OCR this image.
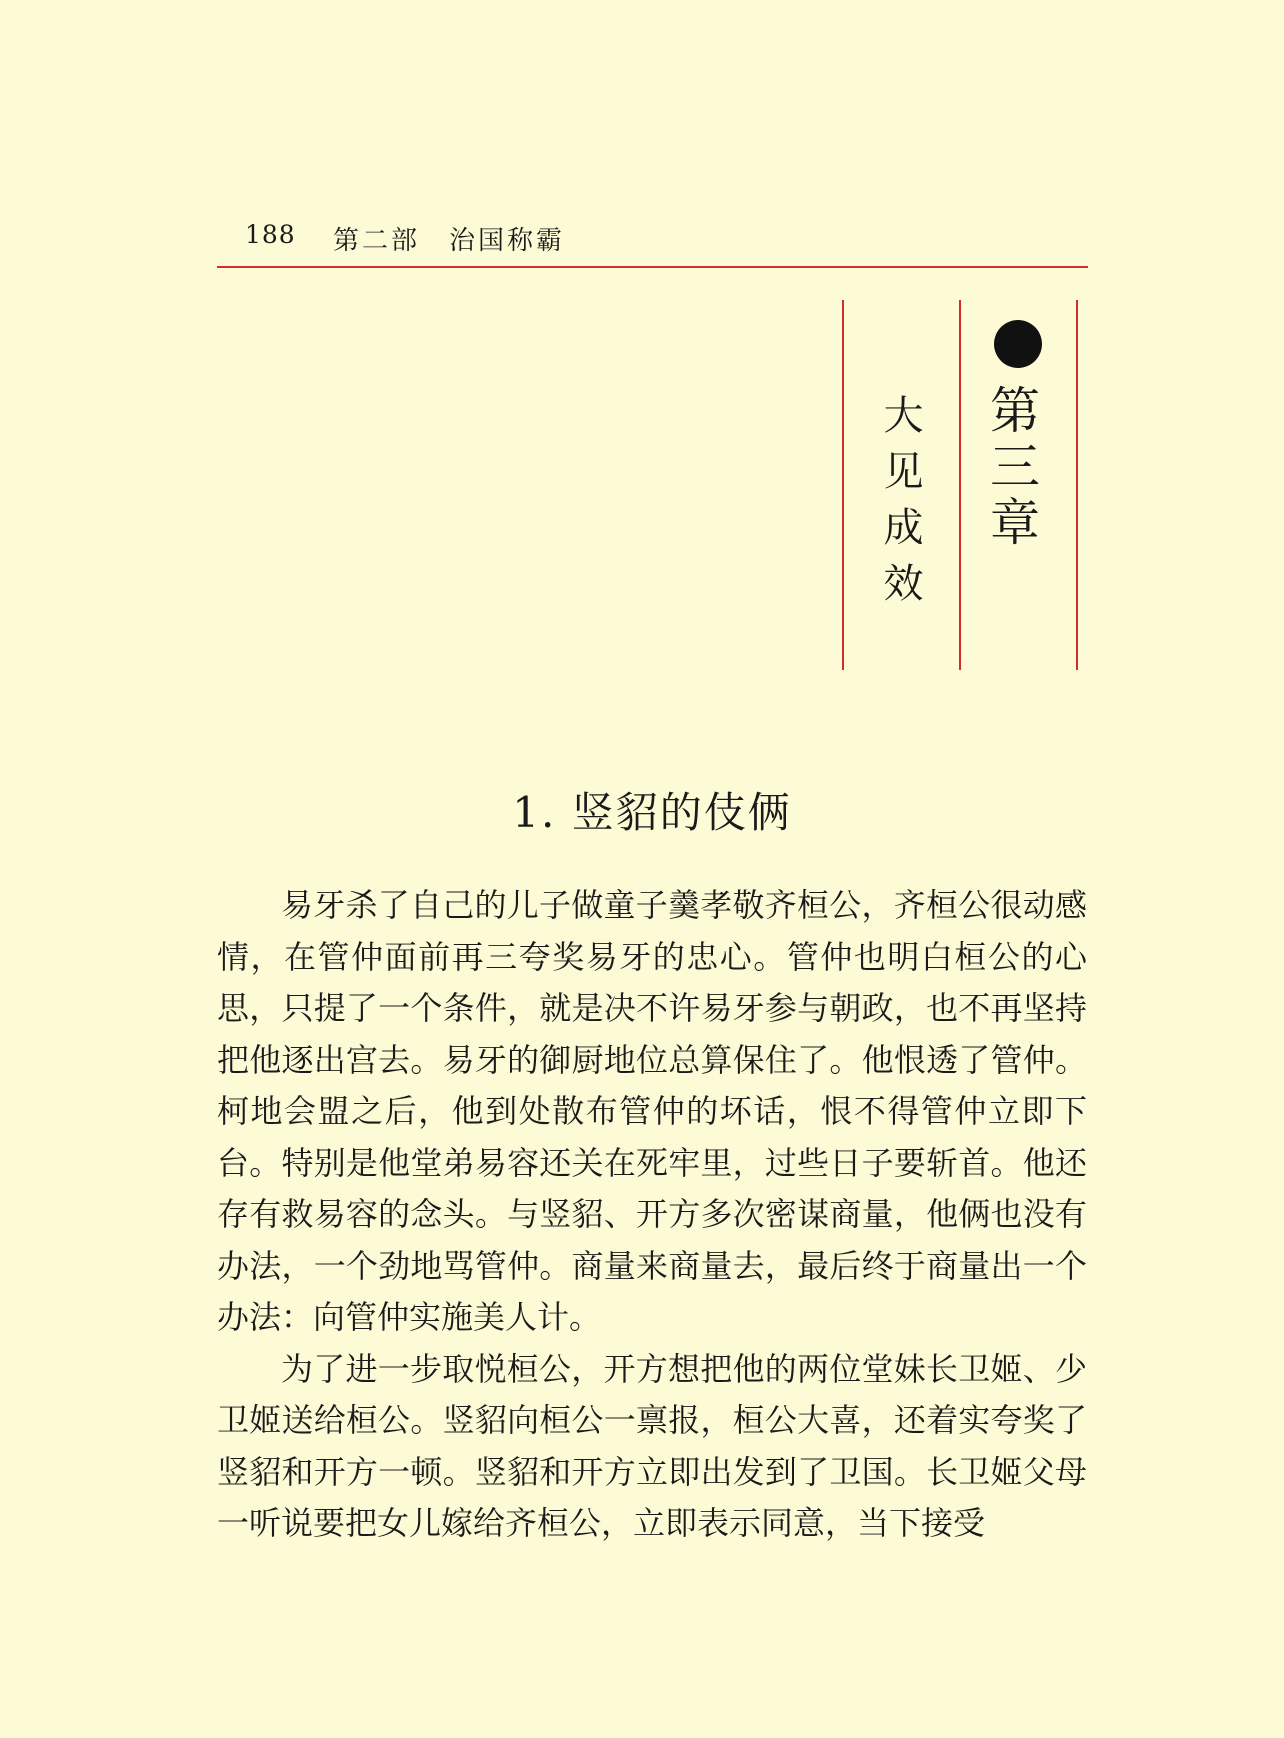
188 第二部 治国称霸
第三章
大见成效
1. 竖貂的伎俩

易牙杀了自己的儿子做童子羹孝敬齐桓公，齐桓公很动感情，在管仲面前再三夸奖易牙的忠心。管仲也明白桓公的心思，只提了一个条件，就是决不许易牙参与朝政，也不再坚持把他逐出宫去。易牙的御厨地位总算保住了。他恨透了管仲。柯地会盟之后，他到处散布管仲的坏话，恨不得管仲立即下台。特别是他堂弟易容还关在死牢里，过些日子要斩首。他还存有救易容的念头。与竖貂、开方多次密谋商量，他俩也没有办法，一个劲地骂管仲。商量来商量去，最后终于商量出一个办法：向管仲实施美人计。

为了进一步取悦桓公，开方想把他的两位堂妹长卫姬、少卫姬送给桓公。竖貂向桓公一禀报，桓公大喜，还着实夸奖了竖貂和开方一顿。竖貂和开方立即出发到了卫国。长卫姬父母一听说要把女儿嫁给齐桓公，立即表示同意，当下接受
